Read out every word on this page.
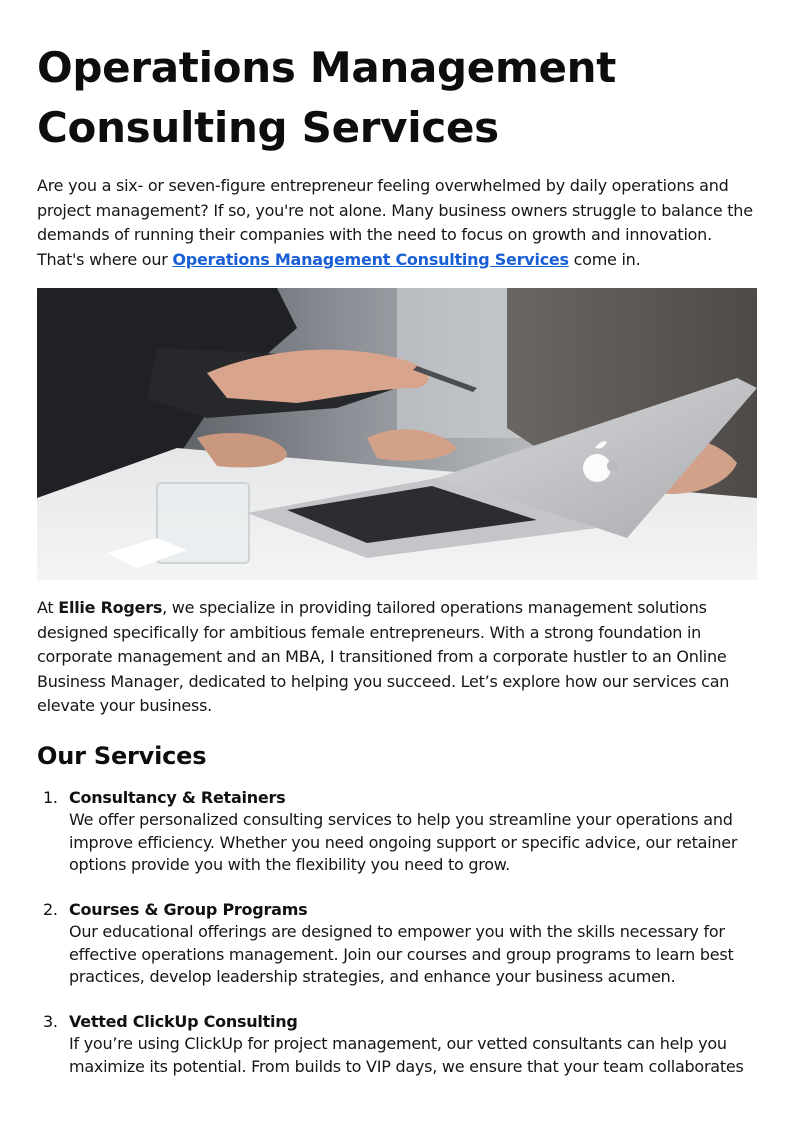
Operations Management Consulting Services

Are you a six- or seven-figure entrepreneur feeling overwhelmed by daily operations and project management? If so, you're not alone. Many business owners struggle to balance the demands of running their companies with the need to focus on growth and innovation. That's where our Operations Management Consulting Services come in.

At Ellie Rogers, we specialize in providing tailored operations management solutions designed specifically for ambitious female entrepreneurs. With a strong foundation in corporate management and an MBA, I transitioned from a corporate hustler to an Online Business Manager, dedicated to helping you succeed. Let’s explore how our services can elevate your business.

Our Services
1. Consultancy & Retainers
We offer personalized consulting services to help you streamline your operations and improve efficiency. Whether you need ongoing support or specific advice, our retainer options provide you with the flexibility you need to grow.
2. Courses & Group Programs
Our educational offerings are designed to empower you with the skills necessary for effective operations management. Join our courses and group programs to learn best practices, develop leadership strategies, and enhance your business acumen.
3. Vetted ClickUp Consulting
If you’re using ClickUp for project management, our vetted consultants can help you maximize its potential. From builds to VIP days, we ensure that your team collaborates
